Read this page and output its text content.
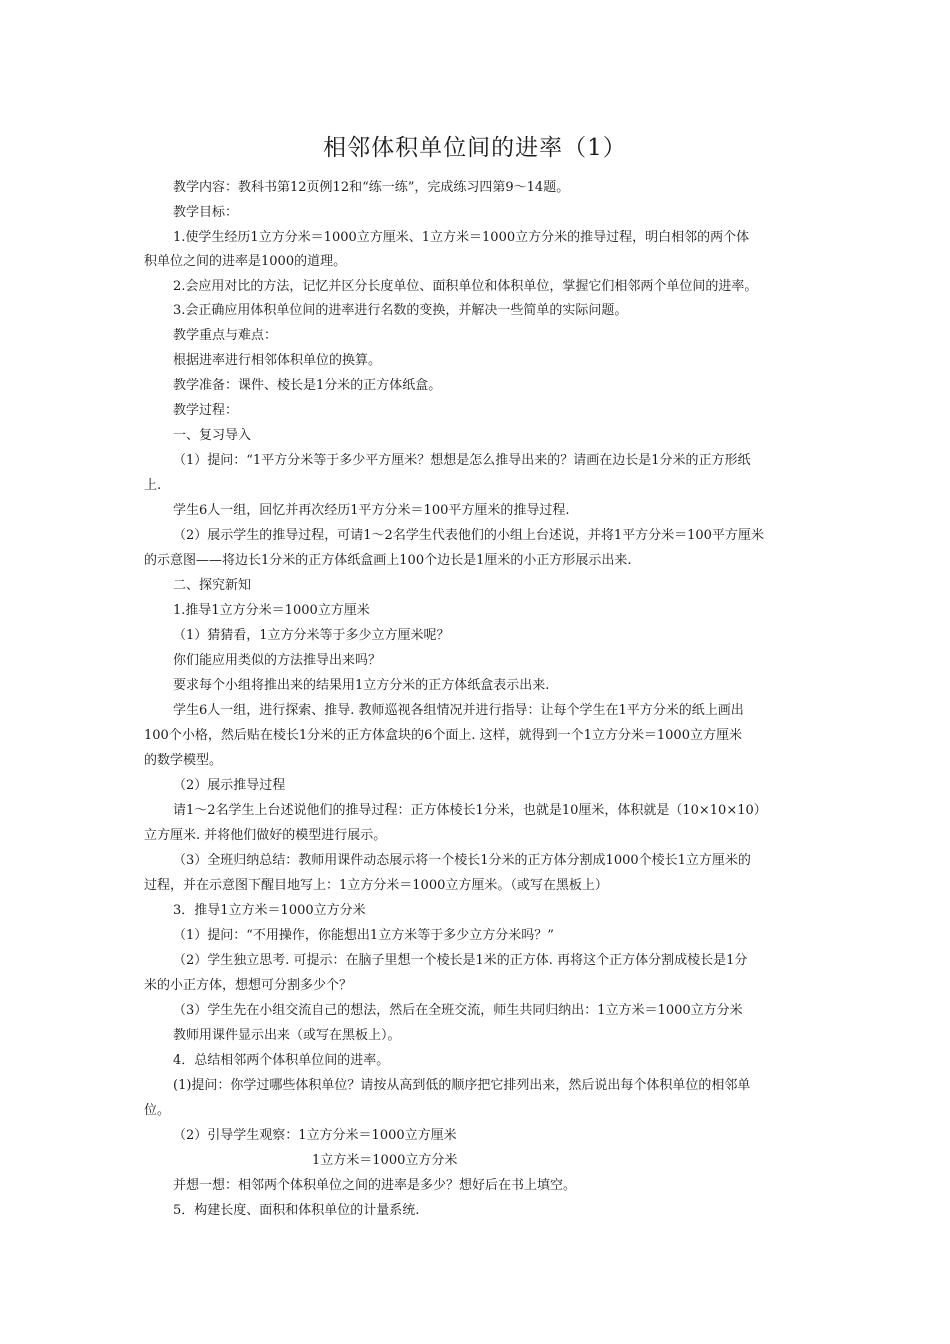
相邻体积单位间的进率（1）
教学内容：教科书第12页例12和“练一练”，完成练习四第9～14题。
教学目标：
1.使学生经历1立方分米＝1000立方厘米、1立方米＝1000立方分米的推导过程，明白相邻的两个体
积单位之间的进率是1000的道理。
2.会应用对比的方法，记忆并区分长度单位、面积单位和体积单位，掌握它们相邻两个单位间的进率。
3.会正确应用体积单位间的进率进行名数的变换，并解决一些简单的实际问题。
教学重点与难点：
根据进率进行相邻体积单位的换算。
教学准备：课件、棱长是1分米的正方体纸盒。
教学过程：
一、复习导入
（1）提问：“1平方分米等于多少平方厘米？想想是怎么推导出来的？请画在边长是1分米的正方形纸
上.
学生6人一组，回忆并再次经历1平方分米＝100平方厘米的推导过程.
（2）展示学生的推导过程，可请1～2名学生代表他们的小组上台述说，并将1平方分米＝100平方厘米
的示意图——将边长1分米的正方体纸盒画上100个边长是1厘米的小正方形展示出来.
二、探究新知
1.推导1立方分米＝1000立方厘米
（1）猜猜看，1立方分米等于多少立方厘米呢？
你们能应用类似的方法推导出来吗？
要求每个小组将推出来的结果用1立方分米的正方体纸盒表示出来.
学生6人一组，进行探索、推导. 教师巡视各组情况并进行指导：让每个学生在1平方分米的纸上画出
100个小格，然后贴在棱长1分米的正方体盒块的6个面上. 这样，就得到一个1立方分米＝1000立方厘米
的数学模型。
（2）展示推导过程
请1～2名学生上台述说他们的推导过程：正方体棱长1分米，也就是10厘米，体积就是（10×10×10）
立方厘米. 并将他们做好的模型进行展示。
（3）全班归纳总结：教师用课件动态展示将一个棱长1分米的正方体分割成1000个棱长1立方厘米的
过程，并在示意图下醒目地写上：1立方分米＝1000立方厘米。（或写在黑板上）
3．推导1立方米＝1000立方分米
（1）提问：“不用操作，你能想出1立方米等于多少立方分米吗？”
（2）学生独立思考. 可提示：在脑子里想一个棱长是1米的正方体. 再将这个正方体分割成棱长是1分
米的小正方体，想想可分割多少个？
（3）学生先在小组交流自己的想法，然后在全班交流，师生共同归纳出：1立方米＝1000立方分米
教师用课件显示出来（或写在黑板上）。
4．总结相邻两个体积单位间的进率。
(1)提问：你学过哪些体积单位？请按从高到低的顺序把它排列出来，然后说出每个体积单位的相邻单
位。
（2）引导学生观察：1立方分米＝1000立方厘米
1立方米＝1000立方分米
并想一想：相邻两个体积单位之间的进率是多少？想好后在书上填空。
5．构建长度、面积和体积单位的计量系统.
